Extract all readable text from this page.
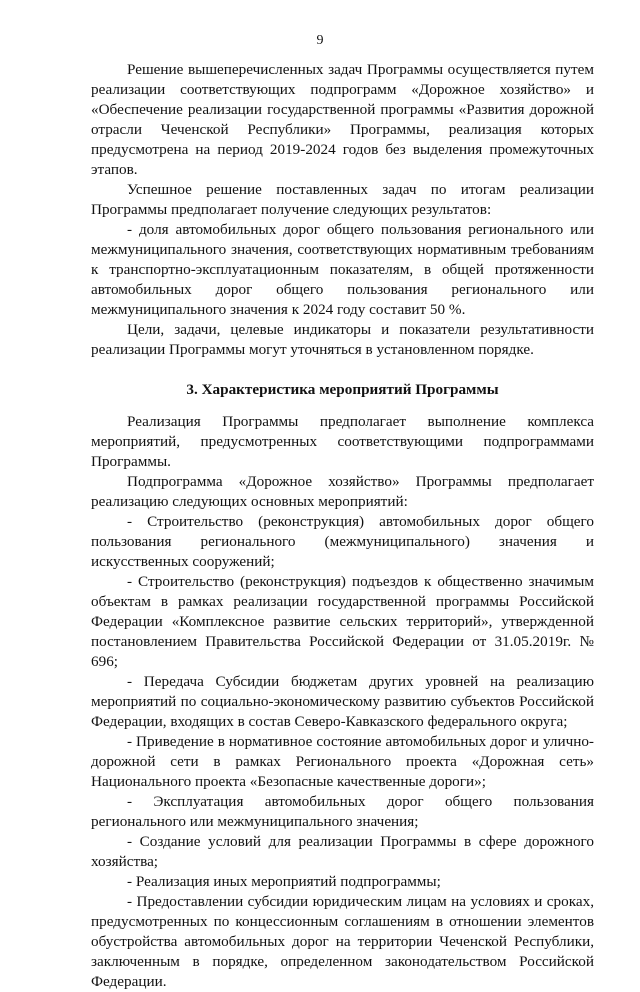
9

Решение вышеперечисленных задач Программы осуществляется путем реализации соответствующих подпрограмм «Дорожное хозяйство» и «Обеспечение реализации государственной программы «Развития дорожной отрасли Чеченской Республики» Программы, реализация которых предусмотрена на период 2019-2024 годов без выделения промежуточных этапов.

Успешное решение поставленных задач по итогам реализации Программы предполагает получение следующих результатов:

- доля автомобильных дорог общего пользования регионального или межмуниципального значения, соответствующих нормативным требованиям к транспортно-эксплуатационным показателям, в общей протяженности автомобильных дорог общего пользования регионального или межмуниципального значения к 2024 году составит 50 %.

Цели, задачи, целевые индикаторы и показатели результативности реализации Программы могут уточняться в установленном порядке.

3. Характеристика мероприятий Программы

Реализация Программы предполагает выполнение комплекса мероприятий, предусмотренных соответствующими подпрограммами Программы.

Подпрограмма «Дорожное хозяйство» Программы предполагает реализацию следующих основных мероприятий:

- Строительство (реконструкция) автомобильных дорог общего пользования регионального (межмуниципального) значения и искусственных сооружений;

- Строительство (реконструкция) подъездов к общественно значимым объектам в рамках реализации государственной программы Российской Федерации «Комплексное развитие сельских территорий», утвержденной постановлением Правительства Российской Федерации от 31.05.2019г. № 696;

- Передача Субсидии бюджетам других уровней на реализацию мероприятий по социально-экономическому развитию субъектов Российской Федерации, входящих в состав Северо-Кавказского федерального округа;

- Приведение в нормативное состояние автомобильных дорог и улично-дорожной сети в рамках Регионального проекта «Дорожная сеть» Национального проекта «Безопасные качественные дороги»;

- Эксплуатация автомобильных дорог общего пользования регионального или межмуниципального значения;

- Создание условий для реализации Программы в сфере дорожного хозяйства;

- Реализация иных мероприятий подпрограммы;

- Предоставлении субсидии юридическим лицам на условиях и сроках, предусмотренных по концессионным соглашениям в отношении элементов обустройства автомобильных дорог на территории Чеченской Республики, заключенным в порядке, определенном законодательством Российской Федерации.
